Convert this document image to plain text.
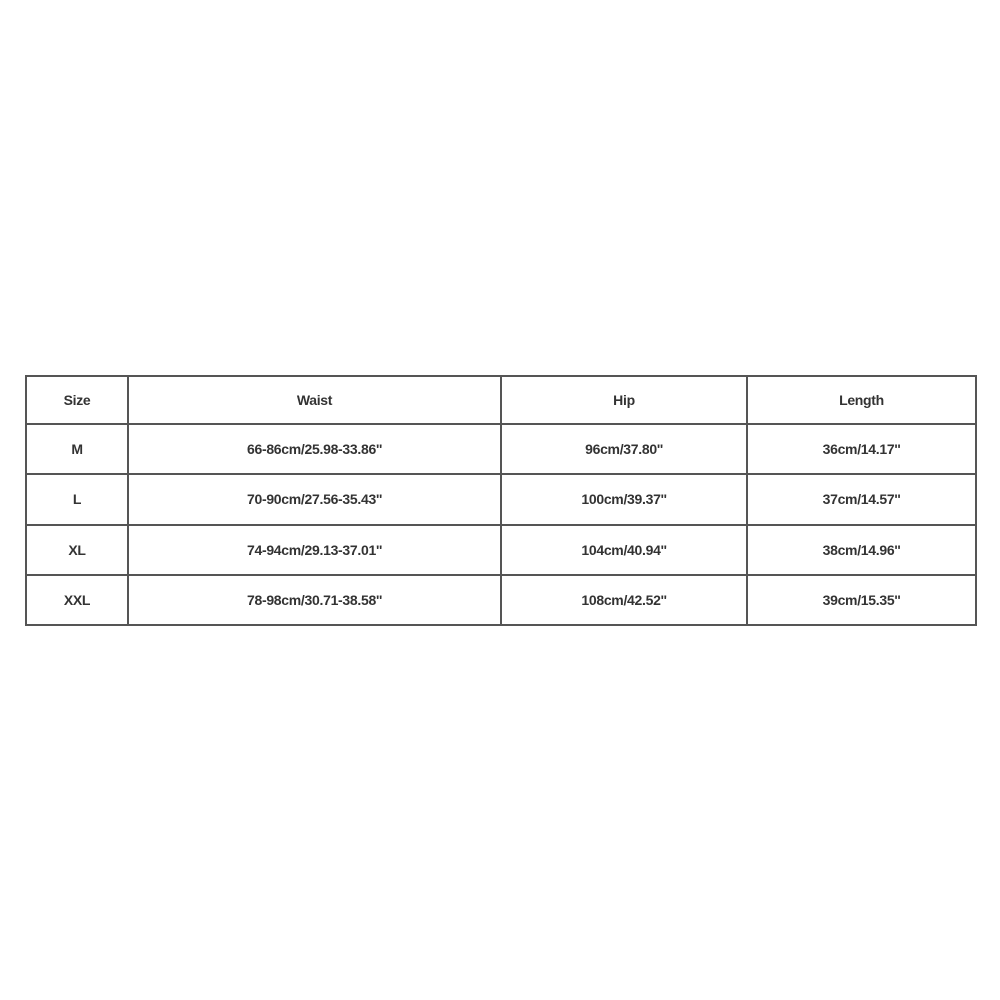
Size	Waist	Hip	Length
M	66-86cm/25.98-33.86''	96cm/37.80''	36cm/14.17''
L	70-90cm/27.56-35.43''	100cm/39.37''	37cm/14.57''
XL	74-94cm/29.13-37.01''	104cm/40.94''	38cm/14.96''
XXL	78-98cm/30.71-38.58''	108cm/42.52''	39cm/15.35''
